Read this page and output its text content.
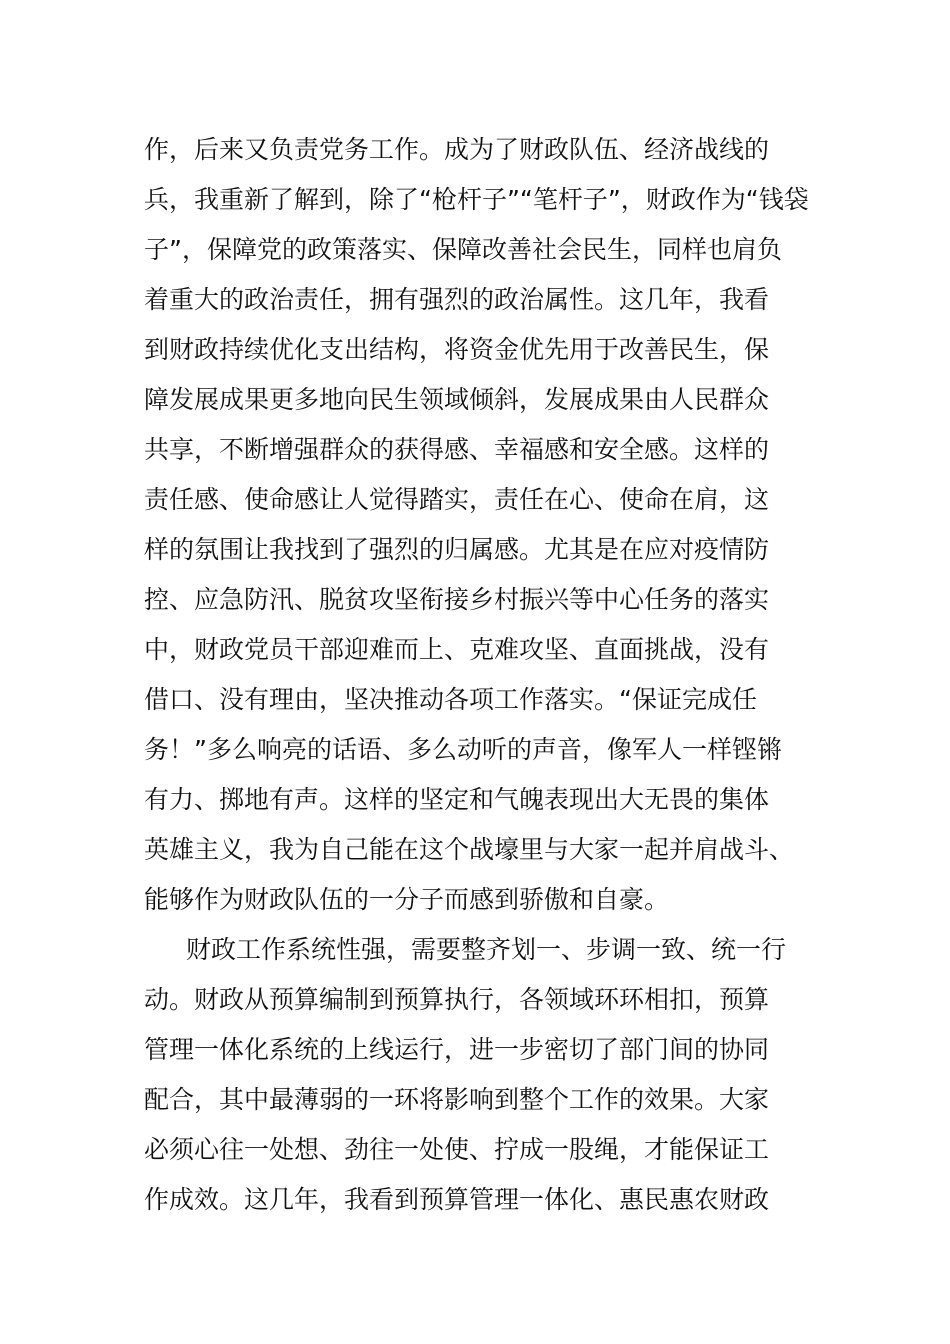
作，后来又负责党务工作。成为了财政队伍、经济战线的
兵，我重新了解到，除了“枪杆子”“笔杆子”，财政作为“钱袋
子”，保障党的政策落实、保障改善社会民生，同样也肩负
着重大的政治责任，拥有强烈的政治属性。这几年，我看
到财政持续优化支出结构，将资金优先用于改善民生，保
障发展成果更多地向民生领域倾斜，发展成果由人民群众
共享，不断增强群众的获得感、幸福感和安全感。这样的
责任感、使命感让人觉得踏实，责任在心、使命在肩，这
样的氛围让我找到了强烈的归属感。尤其是在应对疫情防
控、应急防汛、脱贫攻坚衔接乡村振兴等中心任务的落实
中，财政党员干部迎难而上、克难攻坚、直面挑战，没有
借口、没有理由，坚决推动各项工作落实。“保证完成任
务！”多么响亮的话语、多么动听的声音，像军人一样铿锵
有力、掷地有声。这样的坚定和气魄表现出大无畏的集体
英雄主义，我为自己能在这个战壕里与大家一起并肩战斗、
能够作为财政队伍的一分子而感到骄傲和自豪。
财政工作系统性强，需要整齐划一、步调一致、统一行
动。财政从预算编制到预算执行，各领域环环相扣，预算
管理一体化系统的上线运行，进一步密切了部门间的协同
配合，其中最薄弱的一环将影响到整个工作的效果。大家
必须心往一处想、劲往一处使、拧成一股绳，才能保证工
作成效。这几年，我看到预算管理一体化、惠民惠农财政
